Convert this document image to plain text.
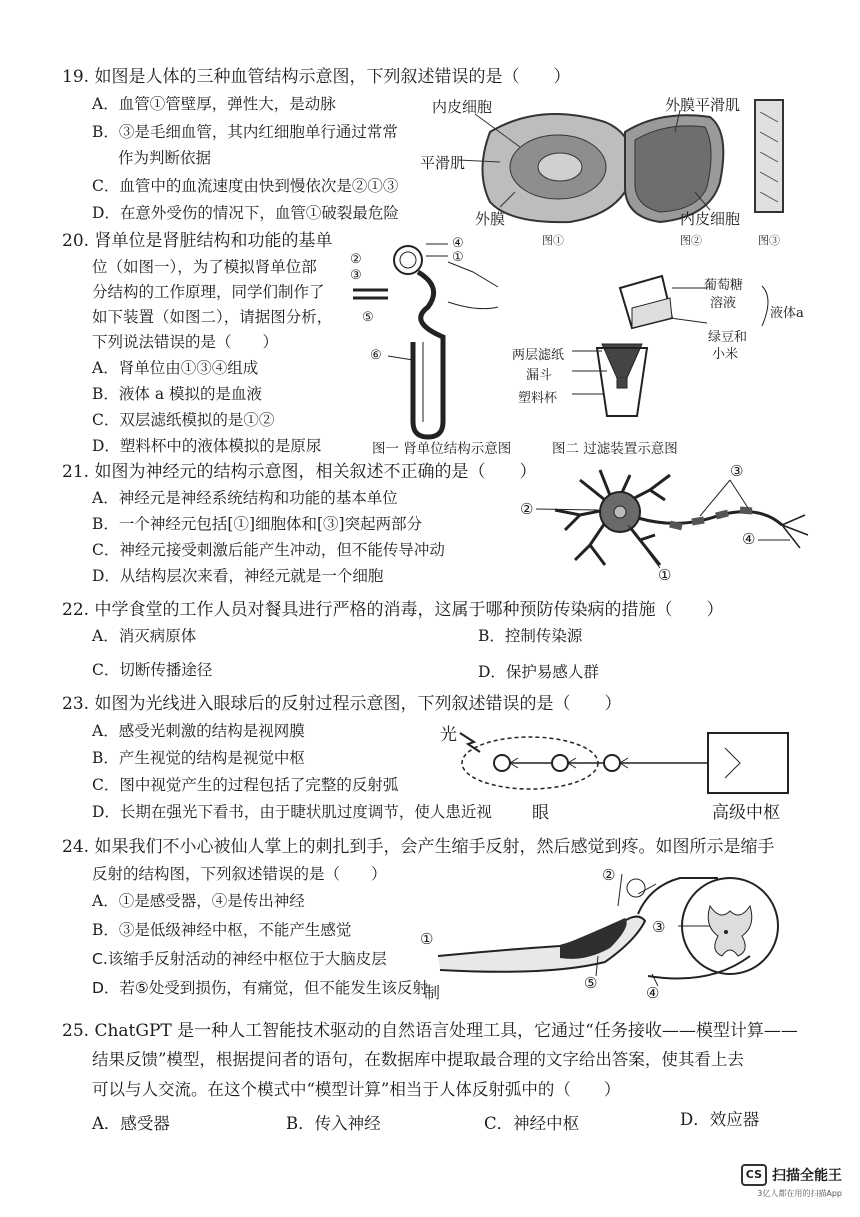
19. 如图是人体的三种血管结构示意图，下列叙述错误的是（　　）
A．血管①管壁厚，弹性大，是动脉
B．③是毛细血管，其内红细胞单行通过常常
作为判断依据
C．血管中的血流速度由快到慢依次是②①③
D．在意外受伤的情况下，血管①破裂最危险
内皮细胞	外膜平滑肌
平滑肌
外膜	内皮细胞
图①	图②	图③
20. 肾单位是肾脏结构和功能的基单
位（如图一），为了模拟肾单位部
分结构的工作原理，同学们制作了
如下装置（如图二），请据图分析，
下列说法错误的是（　　）
A．肾单位由①③④组成
B．液体 a 模拟的是血液
C．双层滤纸模拟的是①②
D．塑料杯中的液体模拟的是原尿
④
①
②
③
⑤
⑥
葡萄糖
溶液
液体a
绿豆和
小米
两层滤纸
漏斗
塑料杯
图一 肾单位结构示意图	图二 过滤装置示意图
21. 如图为神经元的结构示意图，相关叙述不正确的是（　　）
A．神经元是神经系统结构和功能的基本单位
B．一个神经元包括[①]细胞体和[③]突起两部分
C．神经元接受刺激后能产生冲动，但不能传导冲动
D．从结构层次来看，神经元就是一个细胞
②
③
④
①
22. 中学食堂的工作人员对餐具进行严格的消毒，这属于哪种预防传染病的措施（　　）
A．消灭病原体	B．控制传染源
C．切断传播途径	D．保护易感人群
23. 如图为光线进入眼球后的反射过程示意图，下列叙述错误的是（　　）
A．感受光刺激的结构是视网膜
B．产生视觉的结构是视觉中枢
C．图中视觉产生的过程包括了完整的反射弧
D．长期在强光下看书，由于睫状肌过度调节，使人患近视
光
眼	高级中枢
24. 如果我们不小心被仙人掌上的刺扎到手，会产生缩手反射，然后感觉到疼。如图所示是缩手
反射的结构图，下列叙述错误的是（　　）
A．①是感受器，④是传出神经
B．③是低级神经中枢，不能产生感觉
C.该缩手反射活动的神经中枢位于大脑皮层
D．若⑤处受到损伤，有痛觉，但不能发生该反射
①
②
③
④
⑤
制
25. ChatGPT 是一种人工智能技术驱动的自然语言处理工具，它通过“任务接收——模型计算——
结果反馈”模型，根据提问者的语句，在数据库中提取最合理的文字给出答案，使其看上去
可以与人交流。在这个模式中“模型计算”相当于人体反射弧中的（　　）
A．感受器	B．传入神经	C．神经中枢	D．效应器
CS 扫描全能王
3亿人都在用的扫描App
